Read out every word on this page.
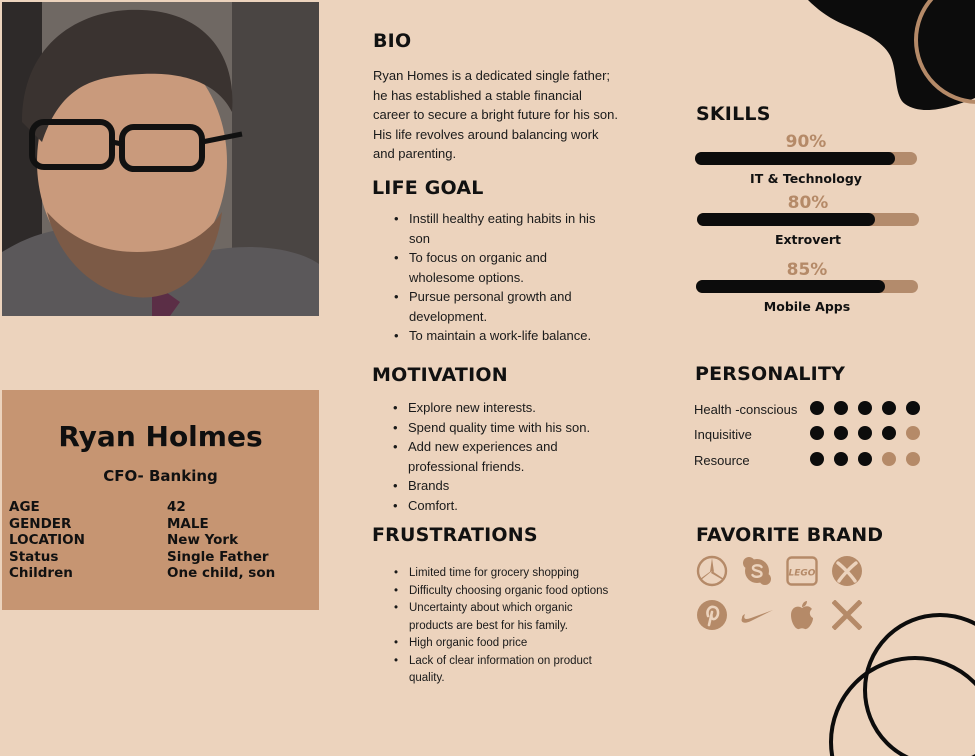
Ryan Holmes
CFO- Banking
AGE	42
GENDER	MALE
LOCATION	New York
Status	Single Father
Children	One child, son
BIO
Ryan Homes is a dedicated single father; he has established a stable financial career to secure a bright future for his son. His life revolves around balancing work and parenting.
LIFE GOAL
• Instill healthy eating habits in his son
• To focus on organic and wholesome options.
• Pursue personal growth and development.
• To maintain a work-life balance.
MOTIVATION
• Explore new interests.
• Spend quality time with his son.
• Add new experiences and professional friends.
• Brands
• Comfort.
FRUSTRATIONS
• Limited time for grocery shopping
• Difficulty choosing organic food options
• Uncertainty about which organic products are best for his family.
• High organic food price
• Lack of clear information on product quality.
SKILLS
90%
IT & Technology
80%
Extrovert
85%
Mobile Apps
PERSONALITY
Health -conscious
Inquisitive
Resource
FAVORITE BRAND
LEGO
